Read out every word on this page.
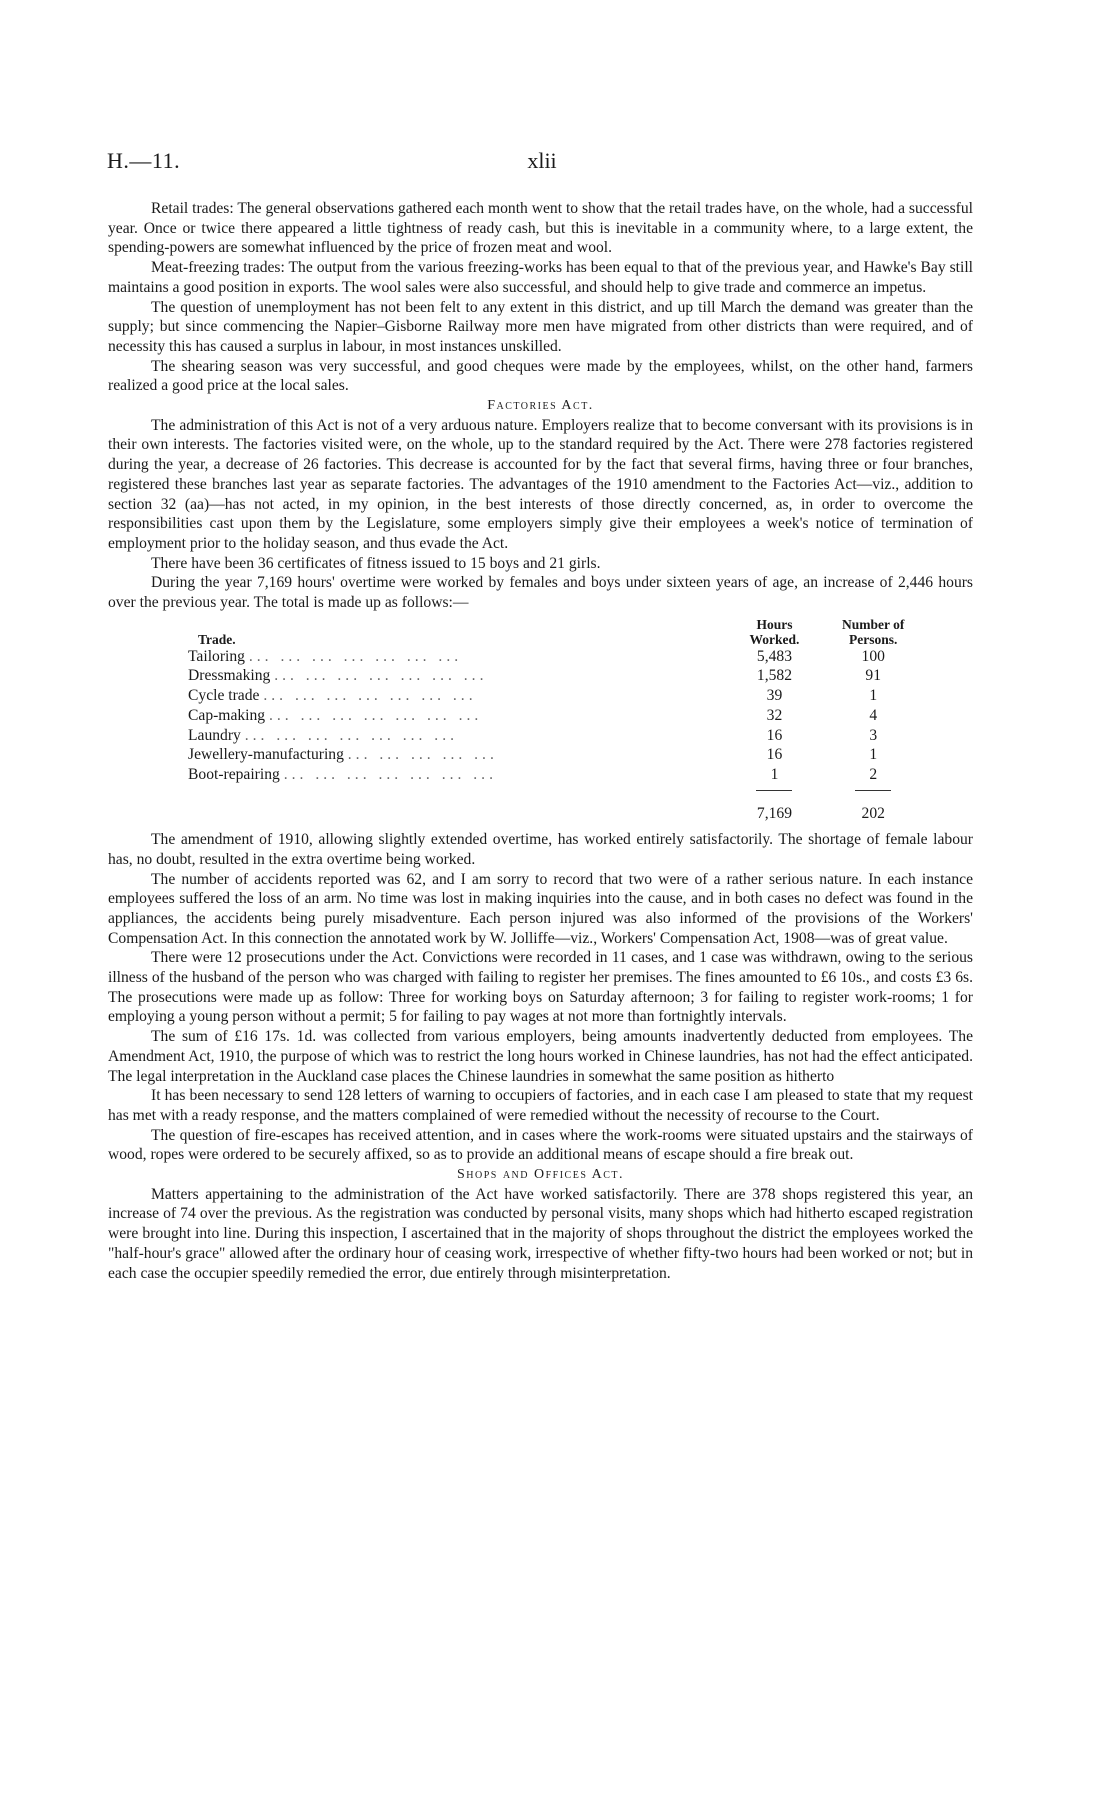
H.—11.	xlii

Retail trades: The general observations gathered each month went to show that the retail trades have, on the whole, had a successful year. Once or twice there appeared a little tightness of ready cash, but this is inevitable in a community where, to a large extent, the spending-powers are somewhat influenced by the price of frozen meat and wool.

Meat-freezing trades: The output from the various freezing-works has been equal to that of the previous year, and Hawke's Bay still maintains a good position in exports. The wool sales were also successful, and should help to give trade and commerce an impetus.

The question of unemployment has not been felt to any extent in this district, and up till March the demand was greater than the supply; but since commencing the Napier–Gisborne Railway more men have migrated from other districts than were required, and of necessity this has caused a surplus in labour, in most instances unskilled.

The shearing season was very successful, and good cheques were made by the employees, whilst, on the other hand, farmers realized a good price at the local sales.

Factories Act.

The administration of this Act is not of a very arduous nature. Employers realize that to become conversant with its provisions is in their own interests. The factories visited were, on the whole, up to the standard required by the Act. There were 278 factories registered during the year, a decrease of 26 factories. This decrease is accounted for by the fact that several firms, having three or four branches, registered these branches last year as separate factories. The advantages of the 1910 amendment to the Factories Act—viz., addition to section 32 (aa)—has not acted, in my opinion, in the best interests of those directly concerned, as, in order to overcome the responsibilities cast upon them by the Legislature, some employers simply give their employees a week's notice of termination of employment prior to the holiday season, and thus evade the Act.

There have been 36 certificates of fitness issued to 15 boys and 21 girls.

During the year 7,169 hours' overtime were worked by females and boys under sixteen years of age, an increase of 2,446 hours over the previous year. The total is made up as follows:—

Trade.	Hours Worked.	Number of Persons.
Tailoring ... ... ... ... ... ... ...	5,483	100
Dressmaking ... ... ... ... ... ... ...	1,582	91
Cycle trade ... ... ... ... ... ... ...	39	1
Cap-making ... ... ... ... ... ... ...	32	4
Laundry ... ... ... ... ... ... ...	16	3
Jewellery-manufacturing ... ... ... ... ...	16	1
Boot-repairing ... ... ... ... ... ... ...	1	2

7,169	202

The amendment of 1910, allowing slightly extended overtime, has worked entirely satisfactorily. The shortage of female labour has, no doubt, resulted in the extra overtime being worked.

The number of accidents reported was 62, and I am sorry to record that two were of a rather serious nature. In each instance employees suffered the loss of an arm. No time was lost in making inquiries into the cause, and in both cases no defect was found in the appliances, the accidents being purely misadventure. Each person injured was also informed of the provisions of the Workers' Compensation Act. In this connection the annotated work by W. Jolliffe—viz., Workers' Compensation Act, 1908—was of great value.

There were 12 prosecutions under the Act. Convictions were recorded in 11 cases, and 1 case was withdrawn, owing to the serious illness of the husband of the person who was charged with failing to register her premises. The fines amounted to £6 10s., and costs £3 6s. The prosecutions were made up as follow: Three for working boys on Saturday afternoon; 3 for failing to register work-rooms; 1 for employing a young person without a permit; 5 for failing to pay wages at not more than fortnightly intervals.

The sum of £16 17s. 1d. was collected from various employers, being amounts inadvertently deducted from employees. The Amendment Act, 1910, the purpose of which was to restrict the long hours worked in Chinese laundries, has not had the effect anticipated. The legal interpretation in the Auckland case places the Chinese laundries in somewhat the same position as hitherto

It has been necessary to send 128 letters of warning to occupiers of factories, and in each case I am pleased to state that my request has met with a ready response, and the matters complained of were remedied without the necessity of recourse to the Court.

The question of fire-escapes has received attention, and in cases where the work-rooms were situated upstairs and the stairways of wood, ropes were ordered to be securely affixed, so as to provide an additional means of escape should a fire break out.

Shops and Offices Act.

Matters appertaining to the administration of the Act have worked satisfactorily. There are 378 shops registered this year, an increase of 74 over the previous. As the registration was conducted by personal visits, many shops which had hitherto escaped registration were brought into line. During this inspection, I ascertained that in the majority of shops throughout the district the employees worked the "half-hour's grace" allowed after the ordinary hour of ceasing work, irrespective of whether fifty-two hours had been worked or not; but in each case the occupier speedily remedied the error, due entirely through misinterpretation.
